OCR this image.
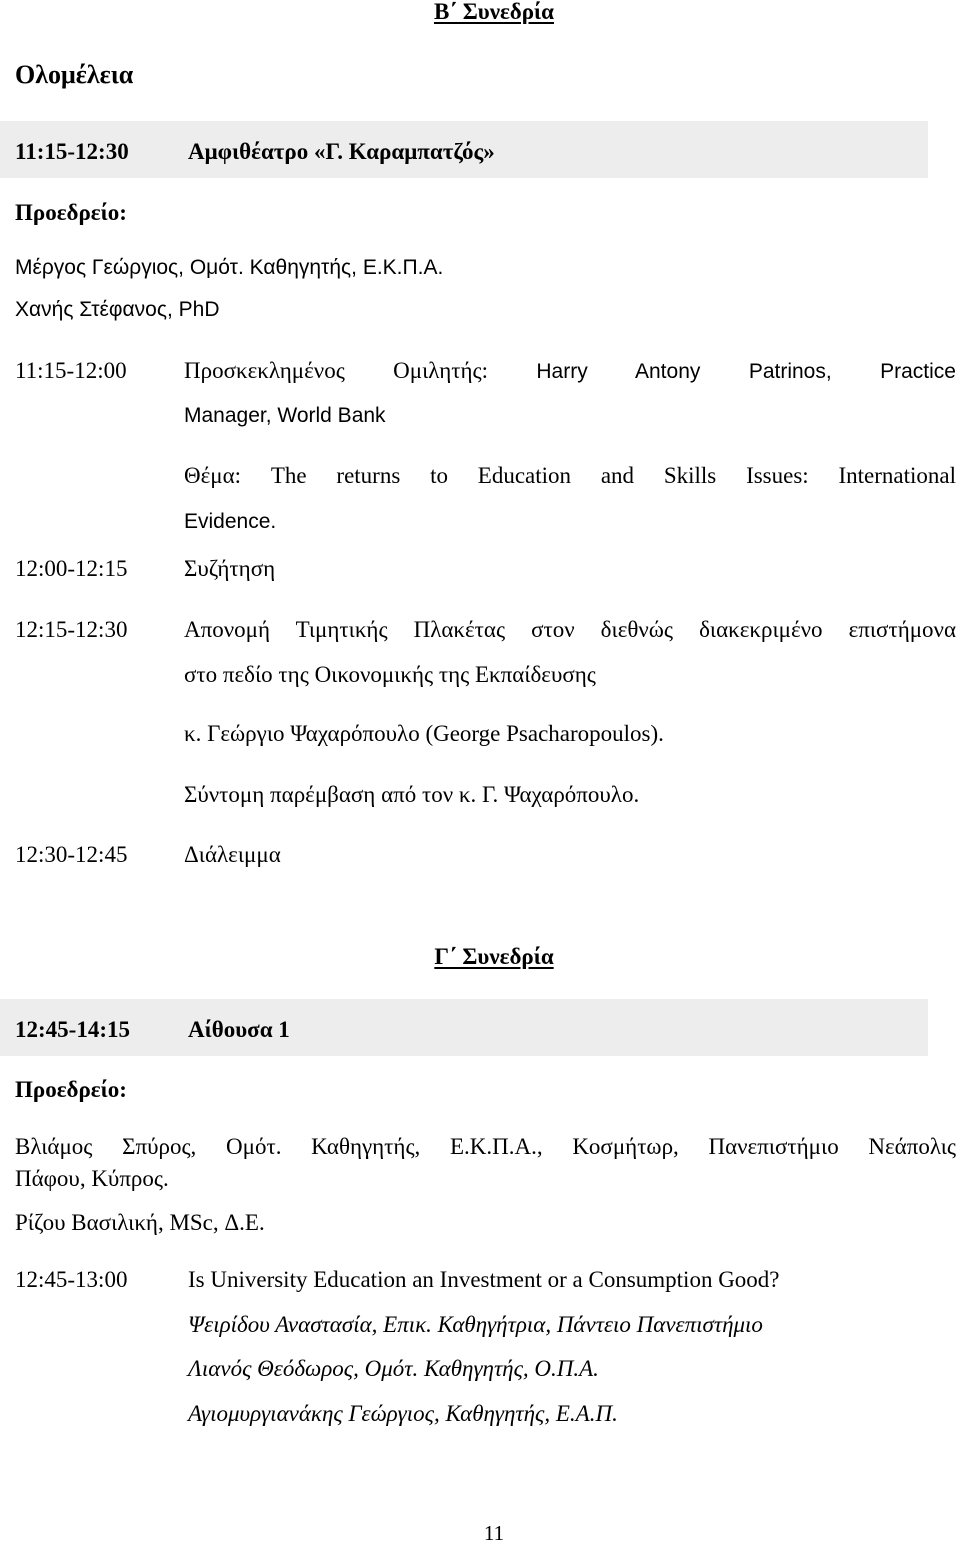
Β΄ Συνεδρία
Ολομέλεια
11:15-12:30	Αμφιθέατρο «Γ. Καραμπατζός»
Προεδρείο:
Μέργος Γεώργιος, Ομότ. Καθηγητής, Ε.Κ.Π.Α.
Χανής Στέφανος, PhD
11:15-12:00 Προσκεκλημένος Ομιλητής: Harry Antony Patrinos, Practice
Manager, World Bank
Θέμα: The returns to Education and Skills Issues: International
Evidence.
12:00-12:15 Συζήτηση
12:15-12:30 Απονομή Τιμητικής Πλακέτας στον διεθνώς διακεκριμένο επιστήμονα
στο πεδίο της Οικονομικής της Εκπαίδευσης
κ. Γεώργιο Ψαχαρόπουλο (George Psacharopoulos).
Σύντομη παρέμβαση από τον κ. Γ. Ψαχαρόπουλο.
12:30-12:45 Διάλειμμα
Γ΄ Συνεδρία
12:45-14:15	Αίθουσα 1
Προεδρείο:
Βλιάμος Σπύρος, Ομότ. Καθηγητής, Ε.Κ.Π.Α., Κοσμήτωρ, Πανεπιστήμιο Νεάπολις
Πάφου, Κύπρος.
Ρίζου Βασιλική, MSc, Δ.Ε.
12:45-13:00	Is University Education an Investment or a Consumption Good?
Ψειρίδου Αναστασία, Επικ. Καθηγήτρια, Πάντειο Πανεπιστήμιο
Λιανός Θεόδωρος, Ομότ. Καθηγητής, Ο.Π.Α.
Αγιομυργιανάκης Γεώργιος, Καθηγητής, Ε.Α.Π.
11
